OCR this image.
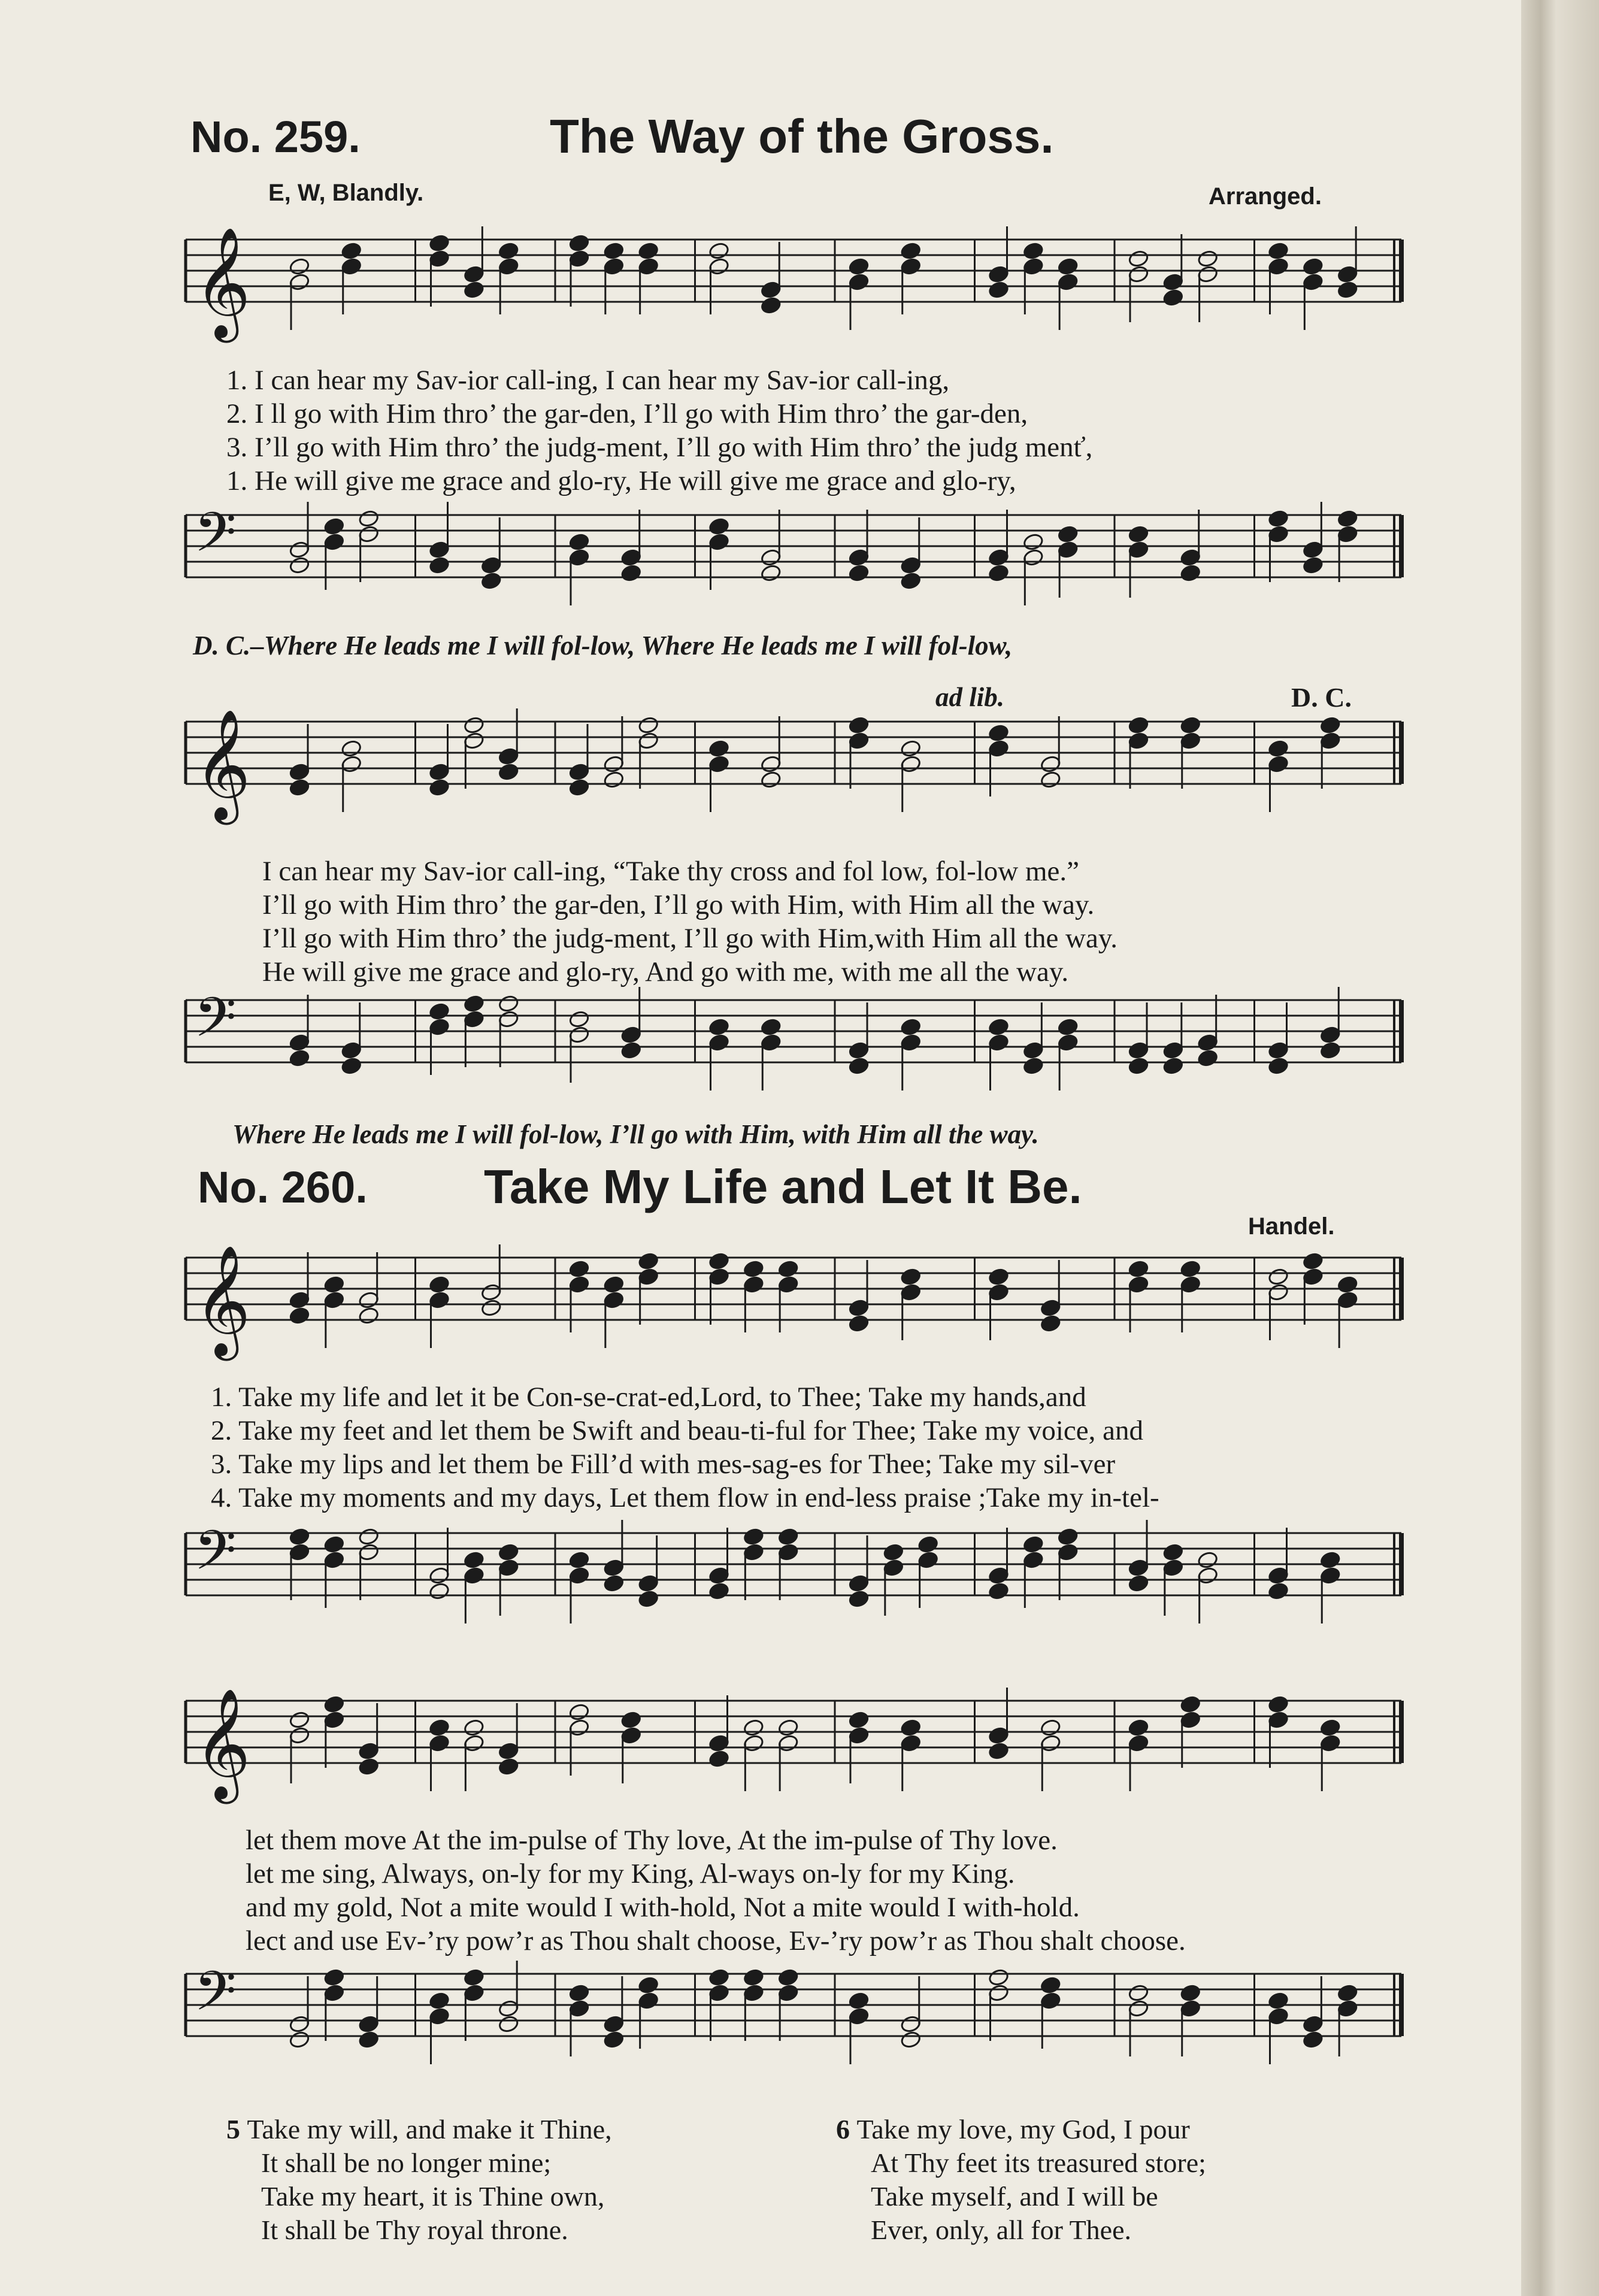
No. 259.	The Way of the Gross.
E, W, Blandly.	Arranged.
𝄞
1. I can hear my Sav-ior call-ing, I can hear my Sav-ior call-ing,
2. I ll go with Him thro’ the gar-den, I’ll go with Him thro’ the gar-den,
3. I’ll go with Him thro’ the judg-ment, I’ll go with Him thro’ the judg menť,
1. He will give me grace and glo-ry, He will give me grace and glo-ry,
𝄢
D. C.–Where He leads me I will fol-low, Where He leads me I will fol-low,
ad lib.	D. C.
𝄞
I can hear my Sav-ior call-ing, “Take thy cross and fol low, fol-low me.”
I’ll go with Him thro’ the gar-den, I’ll go with Him, with Him all the way.
I’ll go with Him thro’ the judg-ment, I’ll go with Him,with Him all the way.
He will give me grace and glo-ry, And go with me, with me all the way.
𝄢
Where He leads me I will fol-low, I’ll go with Him, with Him all the way.
No. 260. Take My Life and Let It Be.
Handel.
𝄞
1. Take my life and let it be Con-se-crat-ed,Lord, to Thee; Take my hands,and
2. Take my feet and let them be Swift and beau-ti-ful for Thee; Take my voice, and
3. Take my lips and let them be Fill’d with mes-sag-es for Thee; Take my sil-ver
4. Take my moments and my days, Let them flow in end-less praise ;Take my in-tel-
𝄢
𝄞
let them move At the im-pulse of Thy love, At the im-pulse of Thy love.
let me sing, Always, on-ly for my King, Al-ways on-ly for my King.
and my gold, Not a mite would I with-hold, Not a mite would I with-hold.
lect and use Ev-’ry pow’r as Thou shalt choose, Ev-’ry pow’r as Thou shalt choose.
𝄢
5 Take my will, and make it Thine,
It shall be no longer mine;
Take my heart, it is Thine own,
It shall be Thy royal throne.
6 Take my love, my God, I pour
At Thy feet its treasured store;
Take myself, and I will be
Ever, only, all for Thee.
